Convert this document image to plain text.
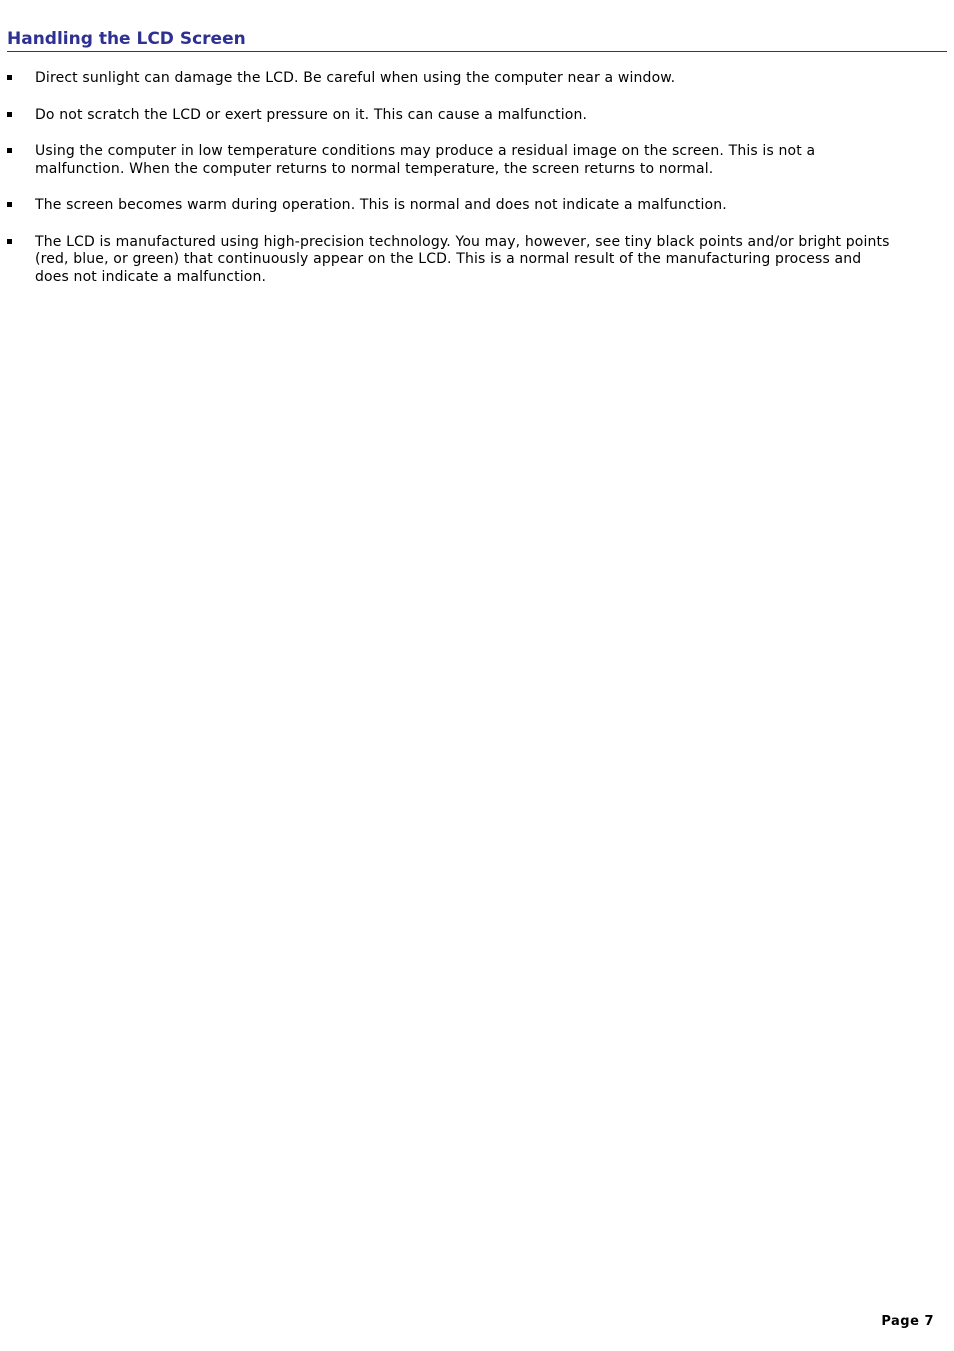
Handling the LCD Screen
Direct sunlight can damage the LCD. Be careful when using the computer near a window.
Do not scratch the LCD or exert pressure on it. This can cause a malfunction.
Using the computer in low temperature conditions may produce a residual image on the screen. This is not a malfunction. When the computer returns to normal temperature, the screen returns to normal.
The screen becomes warm during operation. This is normal and does not indicate a malfunction.
The LCD is manufactured using high-precision technology. You may, however, see tiny black points and/or bright points (red, blue, or green) that continuously appear on the LCD. This is a normal result of the manufacturing process and does not indicate a malfunction.
Page 7
